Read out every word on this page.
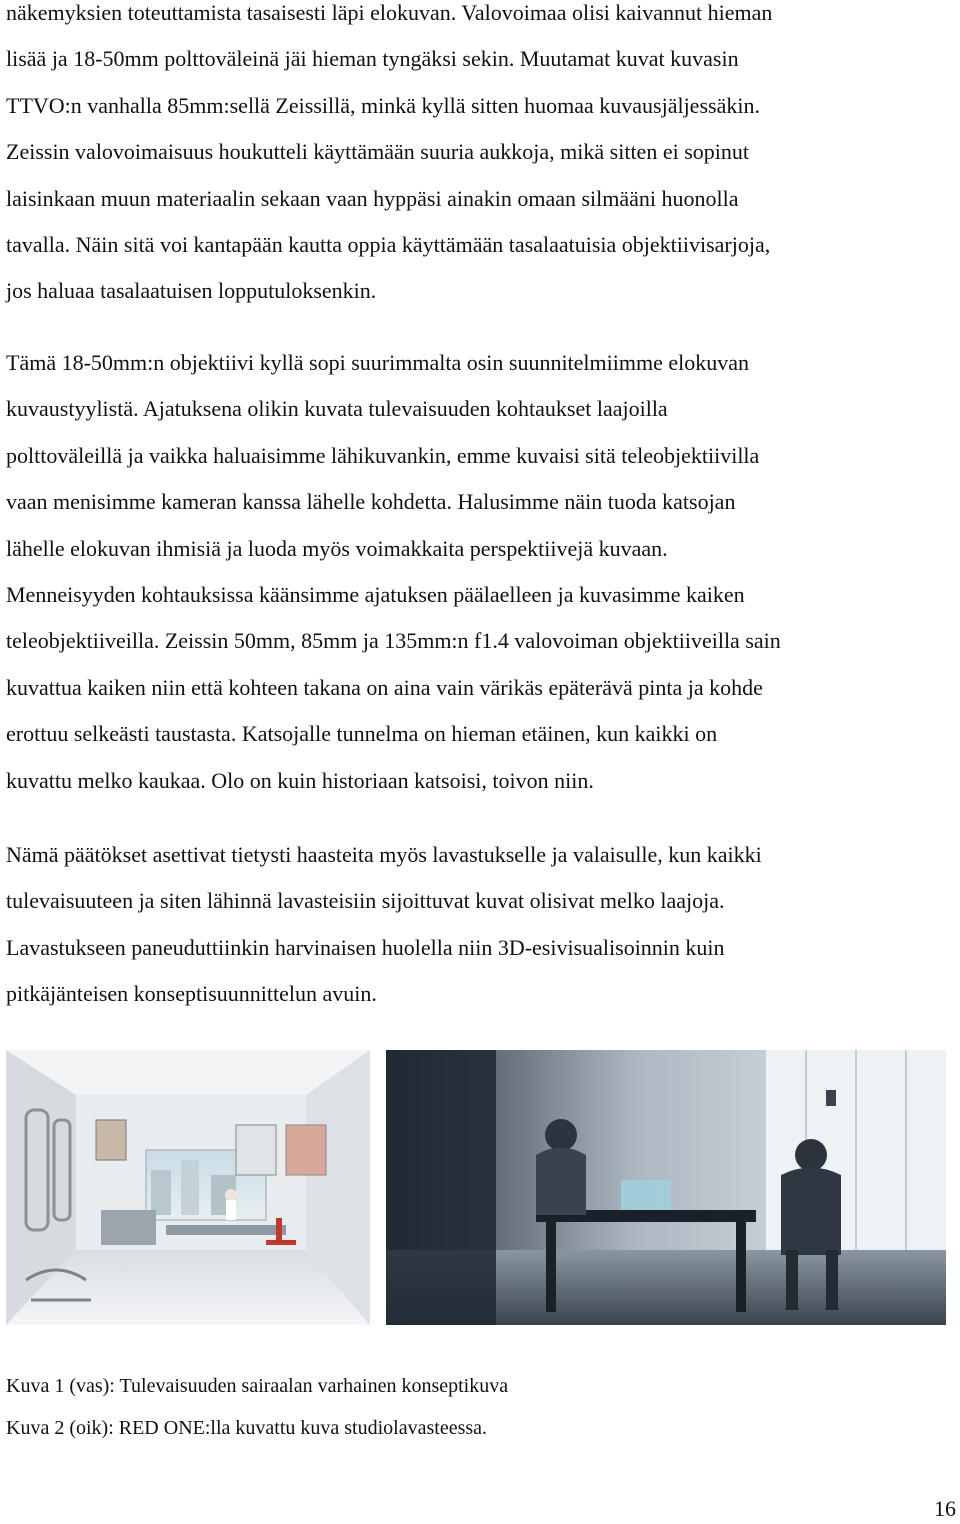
näkemyksien toteuttamista tasaisesti läpi elokuvan. Valovoimaa olisi kaivannut hieman
lisää ja 18-50mm polttoväleinä jäi hieman tyngäksi sekin. Muutamat kuvat kuvasin
TTVO:n vanhalla 85mm:sellä Zeissillä, minkä kyllä sitten huomaa kuvausjäljessäkin.
Zeissin valovoimaisuus houkutteli käyttämään suuria aukkoja, mikä sitten ei sopinut
laisinkaan muun materiaalin sekaan vaan hyppäsi ainakin omaan silmääni huonolla
tavalla. Näin sitä voi kantapään kautta oppia käyttämään tasalaatuisia objektiivisarjoja,
jos haluaa tasalaatuisen lopputuloksenkin.
Tämä 18-50mm:n objektiivi kyllä sopi suurimmalta osin suunnitelmiimme elokuvan
kuvaustyylistä. Ajatuksena olikin kuvata tulevaisuuden kohtaukset laajoilla
polttoväleillä ja vaikka haluaisimme lähikuvankin, emme kuvaisi sitä teleobjektiivilla
vaan menisimme kameran kanssa lähelle kohdetta. Halusimme näin tuoda katsojan
lähelle elokuvan ihmisiä ja luoda myös voimakkaita perspektiivejä kuvaan.
Menneisyyden kohtauksissa käänsimme ajatuksen päälaelleen ja kuvasimme kaiken
teleobjektiiveilla. Zeissin 50mm, 85mm ja 135mm:n f1.4 valovoiman objektiiveilla sain
kuvattua kaiken niin että kohteen takana on aina vain värikäs epäterävä pinta ja kohde
erottuu selkeästi taustasta. Katsojalle tunnelma on hieman etäinen, kun kaikki on
kuvattu melko kaukaa. Olo on kuin historiaan katsoisi, toivon niin.
Nämä päätökset asettivat tietysti haasteita myös lavastukselle ja valaisulle, kun kaikki
tulevaisuuteen ja siten lähinnä lavasteisiin sijoittuvat kuvat olisivat melko laajoja.
Lavastukseen paneuduttiinkin harvinaisen huolella niin 3D-esivisualisoinnin kuin
pitkäjänteisen konseptisuunnittelun avuin.
Kuva 1 (vas): Tulevaisuuden sairaalan varhainen konseptikuva
Kuva 2 (oik): RED ONE:lla kuvattu kuva studiolavasteessa.
16
